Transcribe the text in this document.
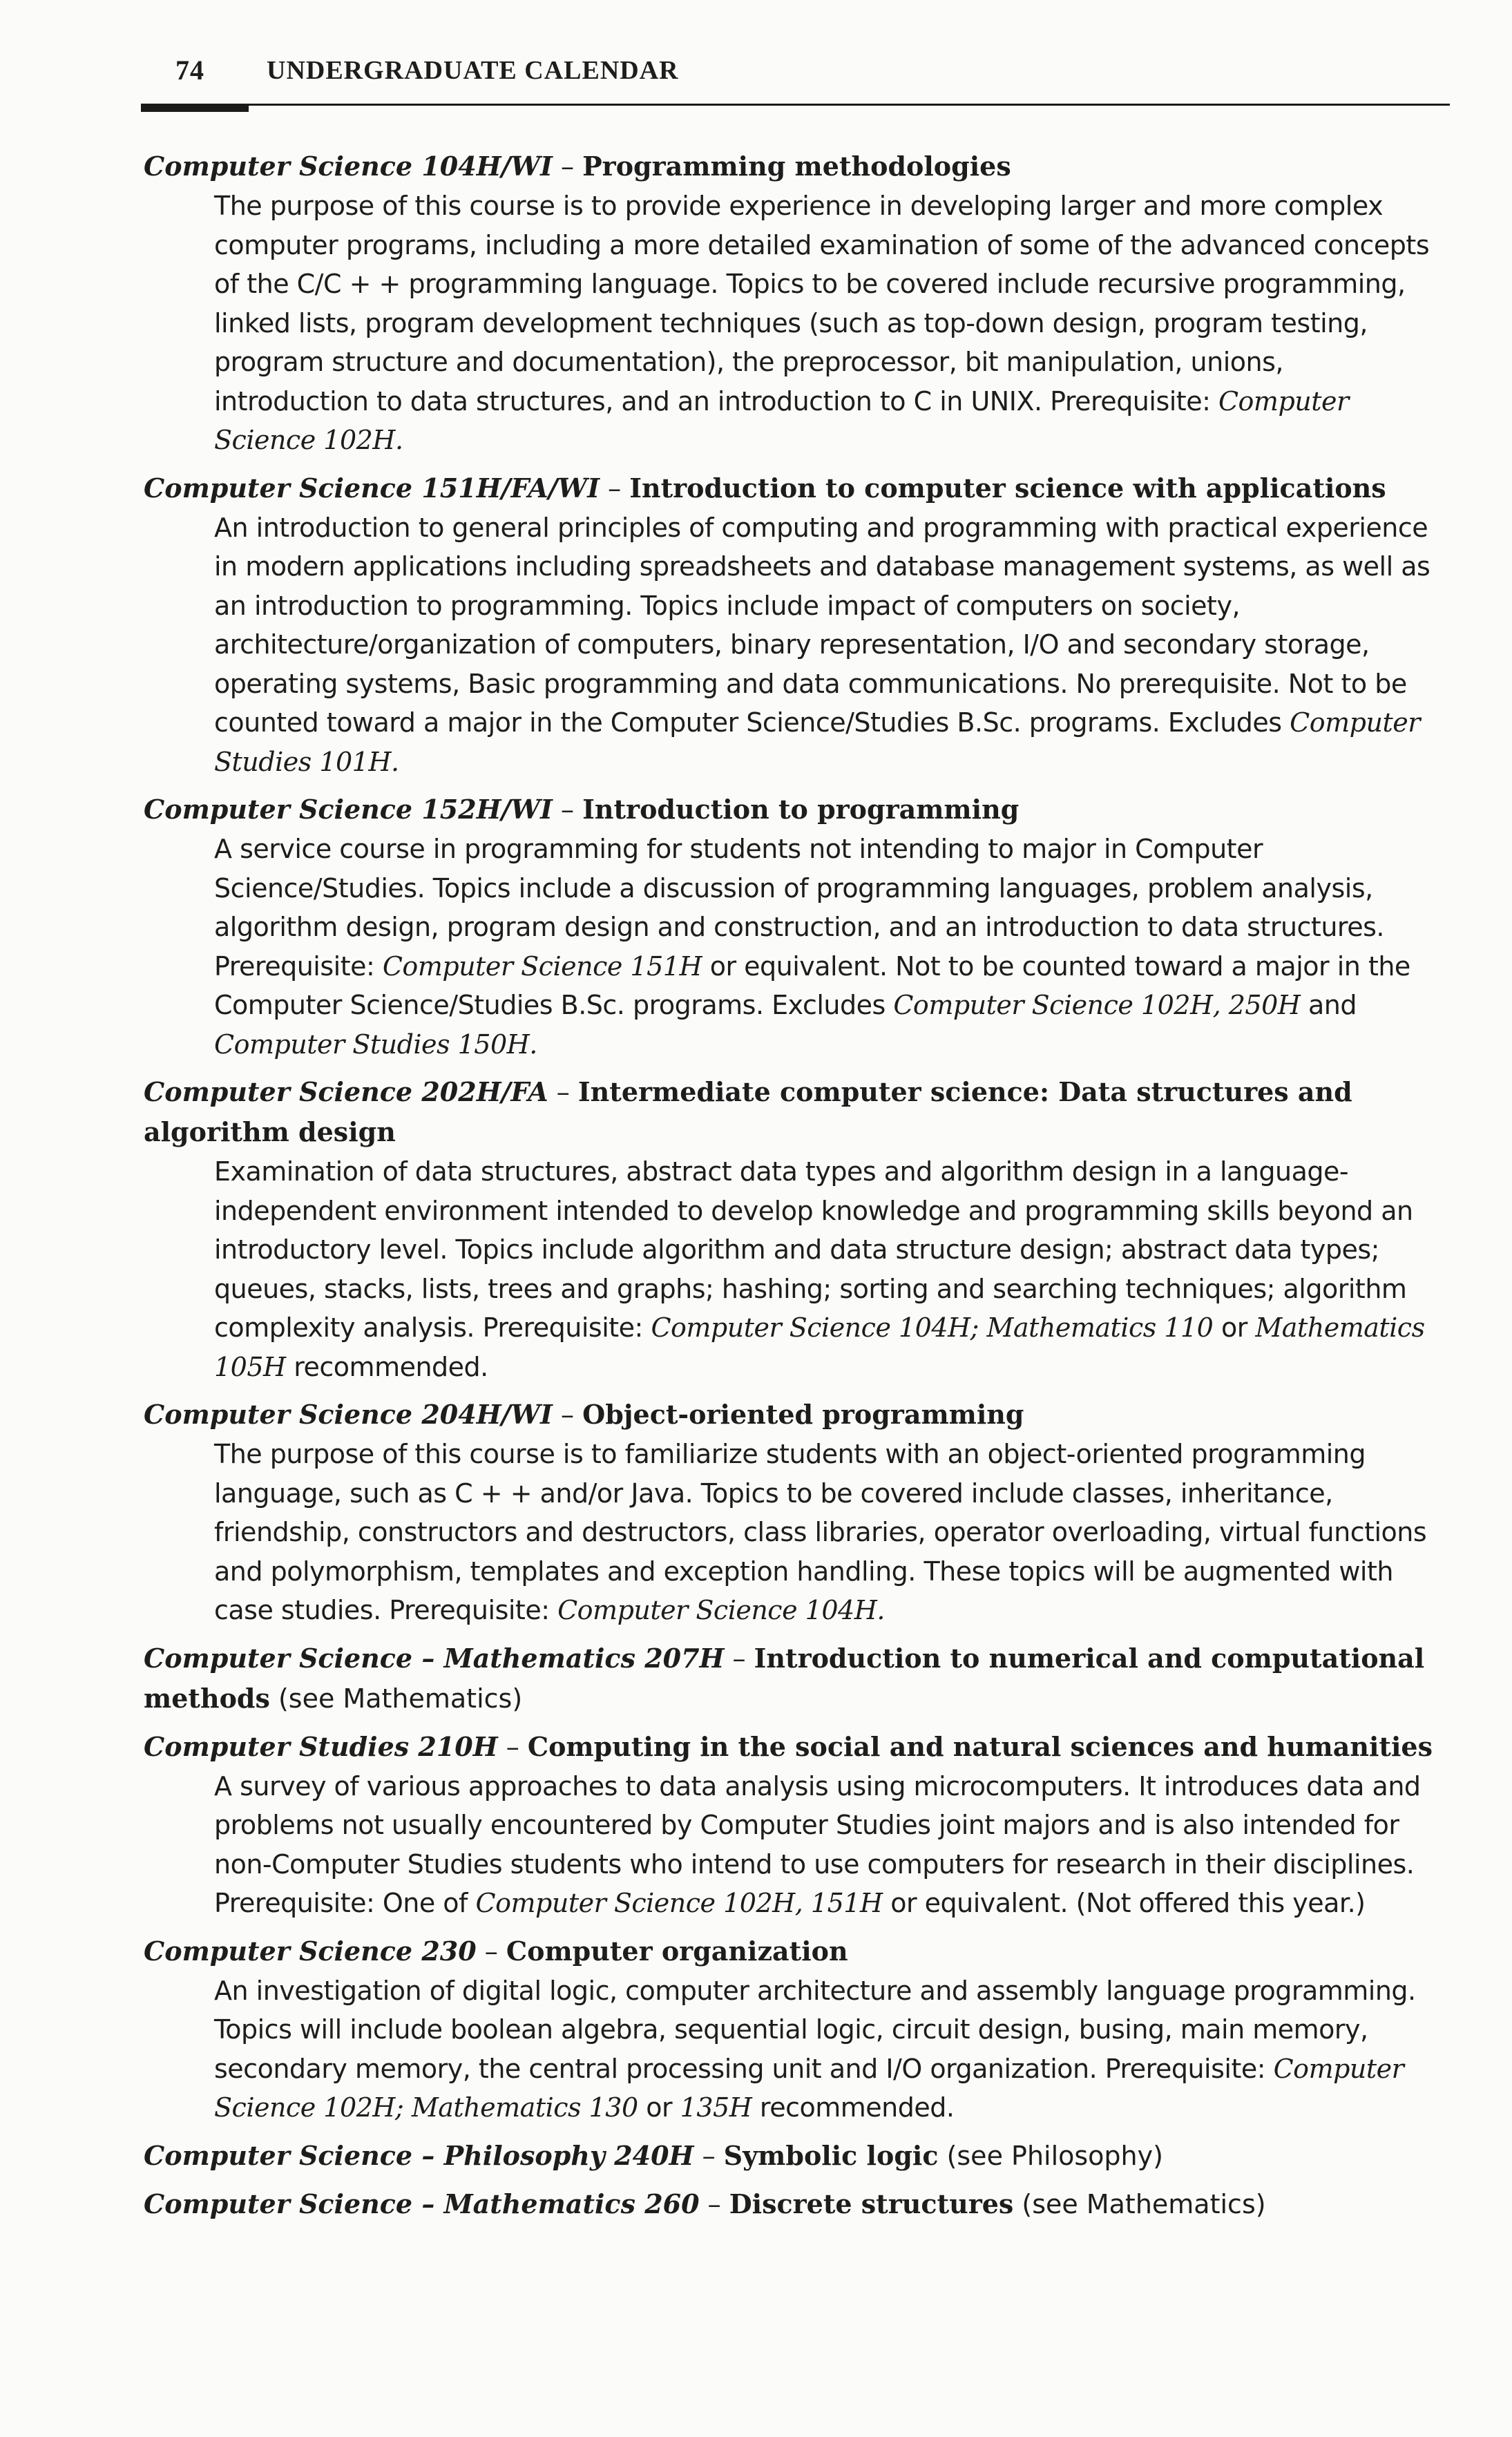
74 UNDERGRADUATE CALENDAR
Computer Science 104H/WI – Programming methodologies
The purpose of this course is to provide experience in developing larger and more complex computer programs, including a more detailed examination of some of the advanced concepts of the C/C + + programming language. Topics to be covered include recursive programming, linked lists, program development techniques (such as top-down design, program testing, program structure and documentation), the preprocessor, bit manipulation, unions, introduction to data structures, and an introduction to C in UNIX. Prerequisite: Computer Science 102H.
Computer Science 151H/FA/WI – Introduction to computer science with applications
An introduction to general principles of computing and programming with practical experience in modern applications including spreadsheets and database management systems, as well as an introduction to programming. Topics include impact of computers on society, architecture/organization of computers, binary representation, I/O and secondary storage, operating systems, Basic programming and data communications. No prerequisite. Not to be counted toward a major in the Computer Science/Studies B.Sc. programs. Excludes Computer Studies 101H.
Computer Science 152H/WI – Introduction to programming
A service course in programming for students not intending to major in Computer Science/Studies. Topics include a discussion of programming languages, problem analysis, algorithm design, program design and construction, and an introduction to data structures. Prerequisite: Computer Science 151H or equivalent. Not to be counted toward a major in the Computer Science/Studies B.Sc. programs. Excludes Computer Science 102H, 250H and Computer Studies 150H.
Computer Science 202H/FA – Intermediate computer science: Data structures and algorithm design
Examination of data structures, abstract data types and algorithm design in a language-independent environment intended to develop knowledge and programming skills beyond an introductory level. Topics include algorithm and data structure design; abstract data types; queues, stacks, lists, trees and graphs; hashing; sorting and searching techniques; algorithm complexity analysis. Prerequisite: Computer Science 104H; Mathematics 110 or Mathematics 105H recommended.
Computer Science 204H/WI – Object-oriented programming
The purpose of this course is to familiarize students with an object-oriented programming language, such as C + + and/or Java. Topics to be covered include classes, inheritance, friendship, constructors and destructors, class libraries, operator overloading, virtual functions and polymorphism, templates and exception handling. These topics will be augmented with case studies. Prerequisite: Computer Science 104H.
Computer Science – Mathematics 207H – Introduction to numerical and computational methods (see Mathematics)
Computer Studies 210H – Computing in the social and natural sciences and humanities
A survey of various approaches to data analysis using microcomputers. It introduces data and problems not usually encountered by Computer Studies joint majors and is also intended for non-Computer Studies students who intend to use computers for research in their disciplines. Prerequisite: One of Computer Science 102H, 151H or equivalent. (Not offered this year.)
Computer Science 230 – Computer organization
An investigation of digital logic, computer architecture and assembly language programming. Topics will include boolean algebra, sequential logic, circuit design, busing, main memory, secondary memory, the central processing unit and I/O organization. Prerequisite: Computer Science 102H; Mathematics 130 or 135H recommended.
Computer Science – Philosophy 240H – Symbolic logic (see Philosophy)
Computer Science – Mathematics 260 – Discrete structures (see Mathematics)
